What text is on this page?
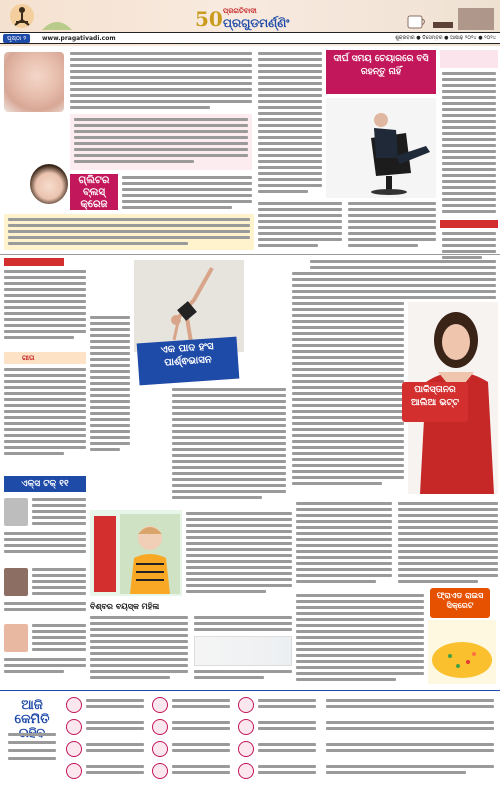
50 ପ୍ରଗତିବାଦୀ
ପ୍ରଗୁଡମର୍ଣ୍ଣିଂ
ପୃଷ୍ଠା ୨	www.pragativadi.com	ଶୁକ୍ରବାର ● ଡିସେମ୍ବର ● ଆଷାଢ଼ ୨୦୨୪ ● ୨୦୨୪
ଗ୍ଲିଟର ବ୍ଲସ୍ କ୍ରେଜ
ଦୀର୍ଘ ସମୟ ଚେୟାରରେ ବସି ରହନ୍ତୁ ନାହିଁ
ଗୀତା
ଏକ୍ସ ଟକ୍ ୧୧
ଏକ ପାଦ ହଂସ ପାର୍ଶ୍ଵଭାସନ
ପାକିସ୍ତାନର ଆଲିଆ ଭଟ୍ଟ
ବିଶ୍ବର ବୟସ୍କ ମହିଳା
ଫ୍ରାଏଡ ରାଇସ ସିକ୍ରେଟ
ଆଜି କେମିତି
